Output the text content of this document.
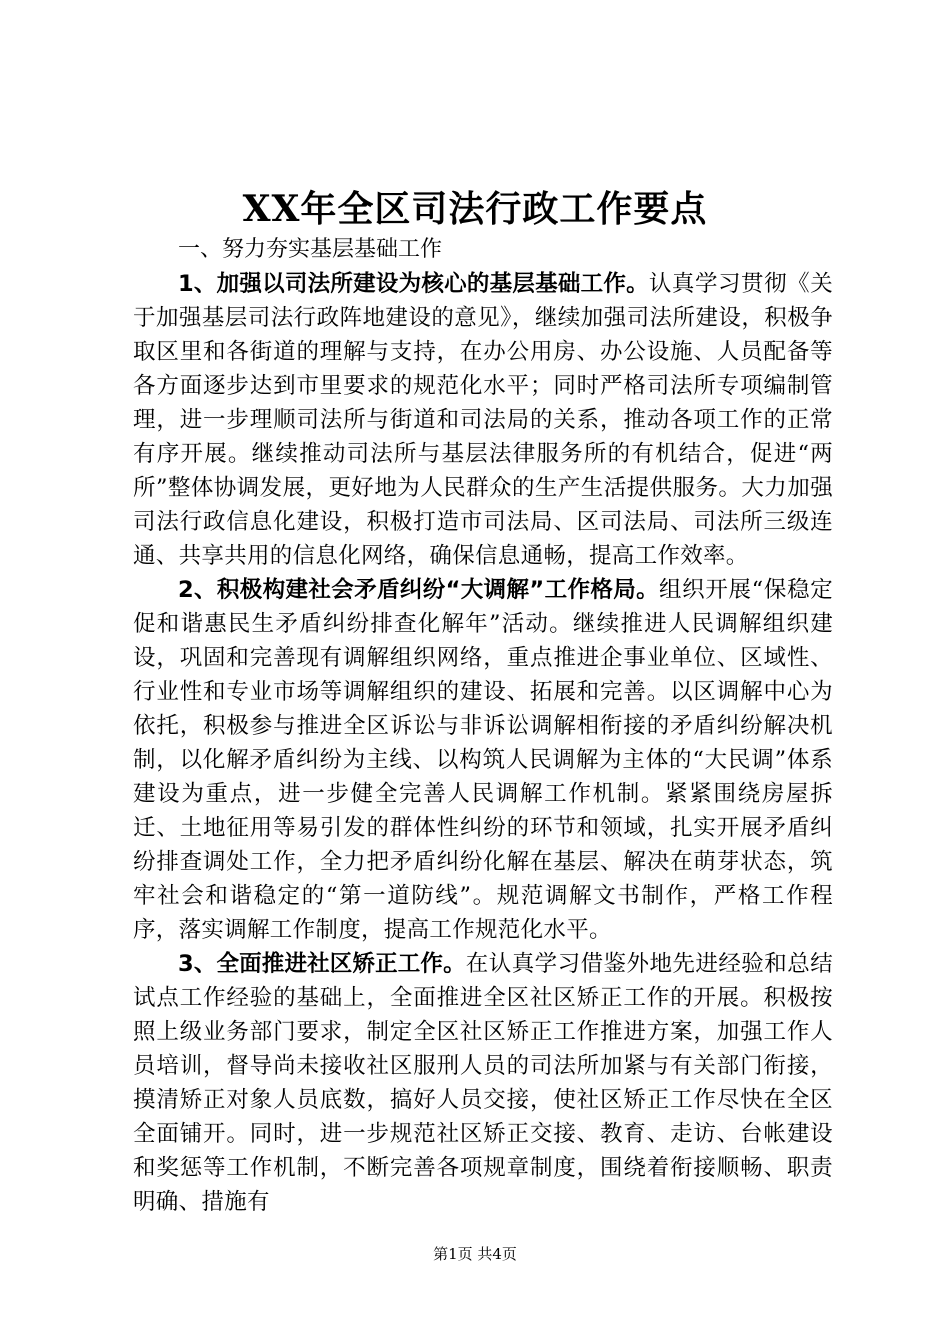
XX年全区司法行政工作要点

一、努力夯实基层基础工作

1、加强以司法所建设为核心的基层基础工作。认真学习贯彻《关于加强基层司法行政阵地建设的意见》，继续加强司法所建设，积极争取区里和各街道的理解与支持，在办公用房、办公设施、人员配备等各方面逐步达到市里要求的规范化水平；同时严格司法所专项编制管理，进一步理顺司法所与街道和司法局的关系，推动各项工作的正常有序开展。继续推动司法所与基层法律服务所的有机结合，促进“两所”整体协调发展，更好地为人民群众的生产生活提供服务。大力加强司法行政信息化建设，积极打造市司法局、区司法局、司法所三级连通、共享共用的信息化网络，确保信息通畅，提高工作效率。

2、积极构建社会矛盾纠纷“大调解”工作格局。组织开展“保稳定促和谐惠民生矛盾纠纷排查化解年”活动。继续推进人民调解组织建设，巩固和完善现有调解组织网络，重点推进企事业单位、区域性、行业性和专业市场等调解组织的建设、拓展和完善。以区调解中心为依托，积极参与推进全区诉讼与非诉讼调解相衔接的矛盾纠纷解决机制，以化解矛盾纠纷为主线、以构筑人民调解为主体的“大民调”体系建设为重点，进一步健全完善人民调解工作机制。紧紧围绕房屋拆迁、土地征用等易引发的群体性纠纷的环节和领域，扎实开展矛盾纠纷排查调处工作，全力把矛盾纠纷化解在基层、解决在萌芽状态，筑牢社会和谐稳定的“第一道防线”。规范调解文书制作，严格工作程序，落实调解工作制度，提高工作规范化水平。

3、全面推进社区矫正工作。在认真学习借鉴外地先进经验和总结试点工作经验的基础上，全面推进全区社区矫正工作的开展。积极按照上级业务部门要求，制定全区社区矫正工作推进方案，加强工作人员培训，督导尚未接收社区服刑人员的司法所加紧与有关部门衔接，摸清矫正对象人员底数，搞好人员交接，使社区矫正工作尽快在全区全面铺开。同时，进一步规范社区矫正交接、教育、走访、台帐建设和奖惩等工作机制，不断完善各项规章制度，围绕着衔接顺畅、职责明确、措施有

第1页 共4页
